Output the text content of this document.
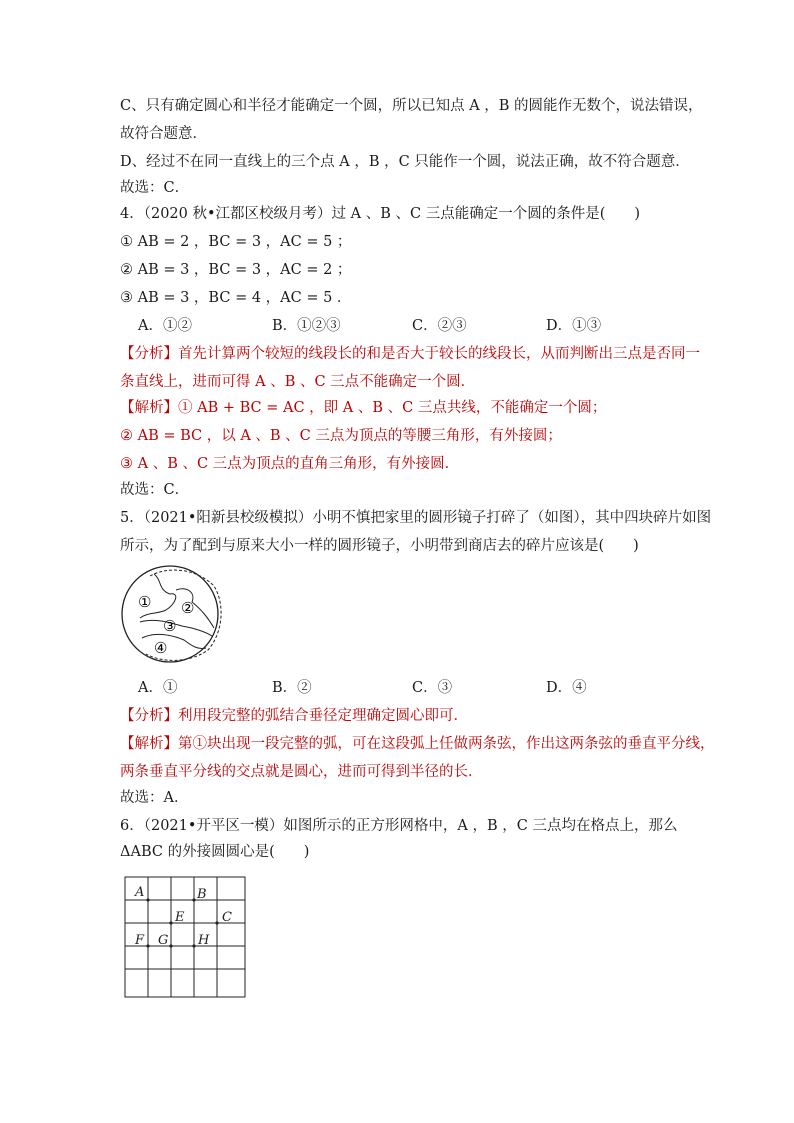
C、只有确定圆心和半径才能确定一个圆，所以已知点 A ，B 的圆能作无数个，说法错误，
故符合题意．
D、经过不在同一直线上的三个点 A ，B ，C 只能作一个圆，说法正确，故不符合题意．
故选：C．
4．（2020 秋•江都区校级月考）过 A 、B 、C 三点能确定一个圆的条件是(　　)
① AB = 2 ，BC = 3 ，AC = 5 ；
② AB = 3 ，BC = 3 ，AC = 2 ；
③ AB = 3 ，BC = 4 ，AC = 5 ．
A．①②	B．①②③	C．②③	D．①③
【分析】首先计算两个较短的线段长的和是否大于较长的线段长，从而判断出三点是否同一
条直线上，进而可得 A 、B 、C 三点不能确定一个圆．
【解析】① AB + BC = AC ，即 A 、B 、C 三点共线，不能确定一个圆；
② AB = BC ，以 A 、B 、C 三点为顶点的等腰三角形，有外接圆；
③ A 、B 、C 三点为顶点的直角三角形，有外接圆．
故选：C．
5．（2021•阳新县校级模拟）小明不慎把家里的圆形镜子打碎了（如图），其中四块碎片如图
所示，为了配到与原来大小一样的圆形镜子，小明带到商店去的碎片应该是(　　)
① ②
③
④
A．①	B．②	C．③	D．④
【分析】利用段完整的弧结合垂径定理确定圆心即可．
【解析】第①块出现一段完整的弧，可在这段弧上任做两条弦，作出这两条弦的垂直平分线，
两条垂直平分线的交点就是圆心，进而可得到半径的长．
故选：A．
6．（2021•开平区一模）如图所示的正方形网格中，A ，B ，C 三点均在格点上，那么
ΔABC 的外接圆圆心是(　　)
A	B
C
E
F G H
